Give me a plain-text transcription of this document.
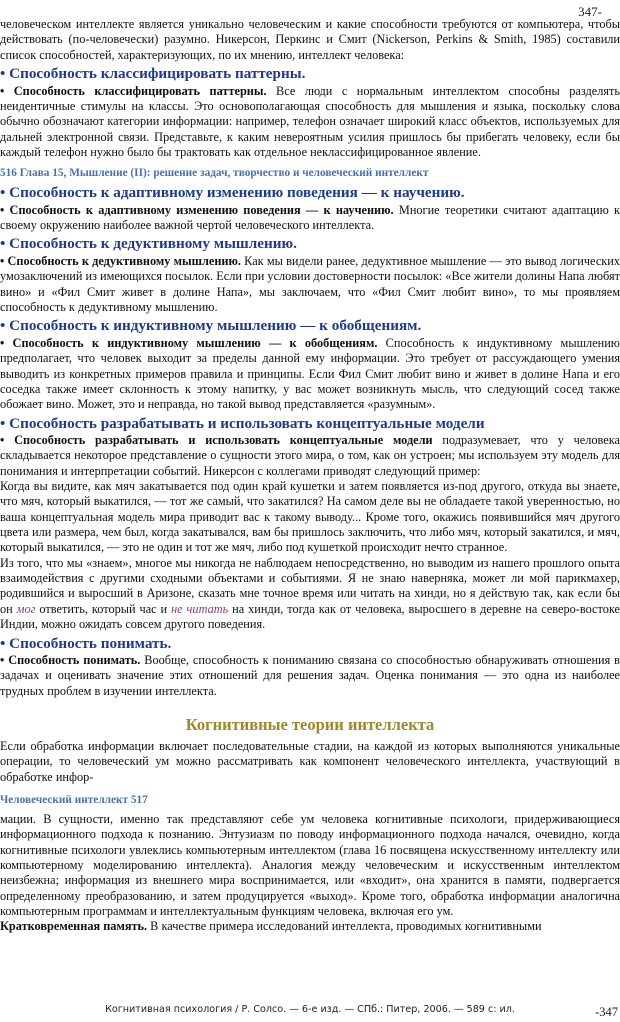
347-

человеческом интеллекте является уникально человеческим и какие способности требуются от компьютера, чтобы действовать (по-человечески) разумно. Никерсон, Перкинс и Смит (Nickerson, Perkins & Smith, 1985) составили список способностей, характеризующих, по их мнению, интеллект человека:

• Способность классифицировать паттерны.

• Способность классифицировать паттерны. Все люди с нормальным интеллектом способны разделять неидентичные стимулы на классы. Это основополагающая способность для мышления и языка, поскольку слова обычно обозначают категории информации: например, телефон означает широкий класс объектов, используемых для дальней электронной связи. Представьте, к каким невероятным усилия пришлось бы прибегать человеку, если бы каждый телефон нужно было бы трактовать как отдельное неклассифицированное явление.

516 Глава 15, Мышление (II): решение задач, творчество и человеческий интеллект
• Способность к адаптивному изменению поведения — к научению.

• Способность к адаптивному изменению поведения — к научению. Многие теоретики считают адаптацию к своему окружению наиболее важной чертой человеческого интеллекта.

• Способность к дедуктивному мышлению.

• Способность к дедуктивному мышлению. Как мы видели ранее, дедуктивное мышление — это вывод логических умозаключений из имеющихся посылок. Если при условии достоверности посылок: «Все жители долины Напа любят вино» и «Фил Смит живет в долине Напа», мы заключаем, что «Фил Смит любит вино», то мы проявляем способность к дедуктивному мышлению.

• Способность к индуктивному мышлению — к обобщениям.

• Способность к индуктивному мышлению — к обобщениям. Способность к индуктивному мышлению предполагает, что человек выходит за пределы данной ему информации. Это требует от рассуждающего умения выводить из конкретных примеров правила и принципы. Если Фил Смит любит вино и живет в долине Напа и его соседка также имеет склонность к этому напитку, у вас может возникнуть мысль, что следующий сосед также обожает вино. Может, это и неправда, но такой вывод представляется «разумным».

• Способность разрабатывать и использовать концептуальные модели

• Способность разрабатывать и использовать концептуальные модели подразумевает, что у человека складывается некоторое представление о сущности этого мира, о том, как он устроен; мы используем эту модель для понимания и интерпретации событий. Никерсон с коллегами приводят следующий пример:

Когда вы видите, как мяч закатывается под один край кушетки и затем появляется из-под другого, откуда вы знаете, что мяч, который выкатился, — тот же самый, что закатился? На самом деле вы не обладаете такой уверенностью, но ваша концептуальная модель мира приводит вас к такому выводу... Кроме того, окажись появившийся мяч другого цвета или размера, чем был, когда закатывался, вам бы пришлось заключить, что либо мяч, который закатился, и мяч, который выкатился, — это не один и тот же мяч, либо под кушеткой происходит нечто странное.

Из того, что мы «знаем», многое мы никогда не наблюдаем непосредственно, но выводим из нашего прошлого опыта взаимодействия с другими сходными объектами и событиями. Я не знаю наверняка, может ли мой парикмахер, родившийся и выросший в Аризоне, сказать мне точное время или читать на хинди, но я действую так, как если бы он мог ответить, который час и не читать на хинди, тогда как от человека, выросшего в деревне на северо-востоке Индии, можно ожидать совсем другого поведения.

• Способность понимать.

• Способность понимать. Вообще, способность к пониманию связана со способностью обнаруживать отношения в задачах и оценивать значение этих отношений для решения задач. Оценка понимания — это одна из наиболее трудных проблем в изучении интеллекта.

Когнитивные теории интеллекта

Если обработка информации включает последовательные стадии, на каждой из которых выполняются уникальные операции, то человеческий ум можно рассматривать как компонент человеческого интеллекта, участвующий в обработке инфор-

Человеческий интеллект 517

мации. В сущности, именно так представляют себе ум человека когнитивные психологи, придерживающиеся информационного подхода к познанию. Энтузиазм по поводу информационного подхода начался, очевидно, когда когнитивные психологи увлеклись компьютерным интеллектом (глава 16 посвящена искусственному интеллекту или компьютерному моделированию интеллекта). Аналогия между человеческим и искусственным интеллектом неизбежна; информация из внешнего мира воспринимается, или «входит», она хранится в памяти, подвергается определенному преобразованию, и затем продуцируется «выход». Кроме того, обработка информации аналогична компьютерным программам и интеллектуальным функциям человека, включая его ум.

Кратковременная память. В качестве примера исследований интеллекта, проводимых когнитивными

Когнитивная психология / Р. Солсо. — 6-е изд. — СПб.: Питер, 2006. — 589 с: ил.	-347
